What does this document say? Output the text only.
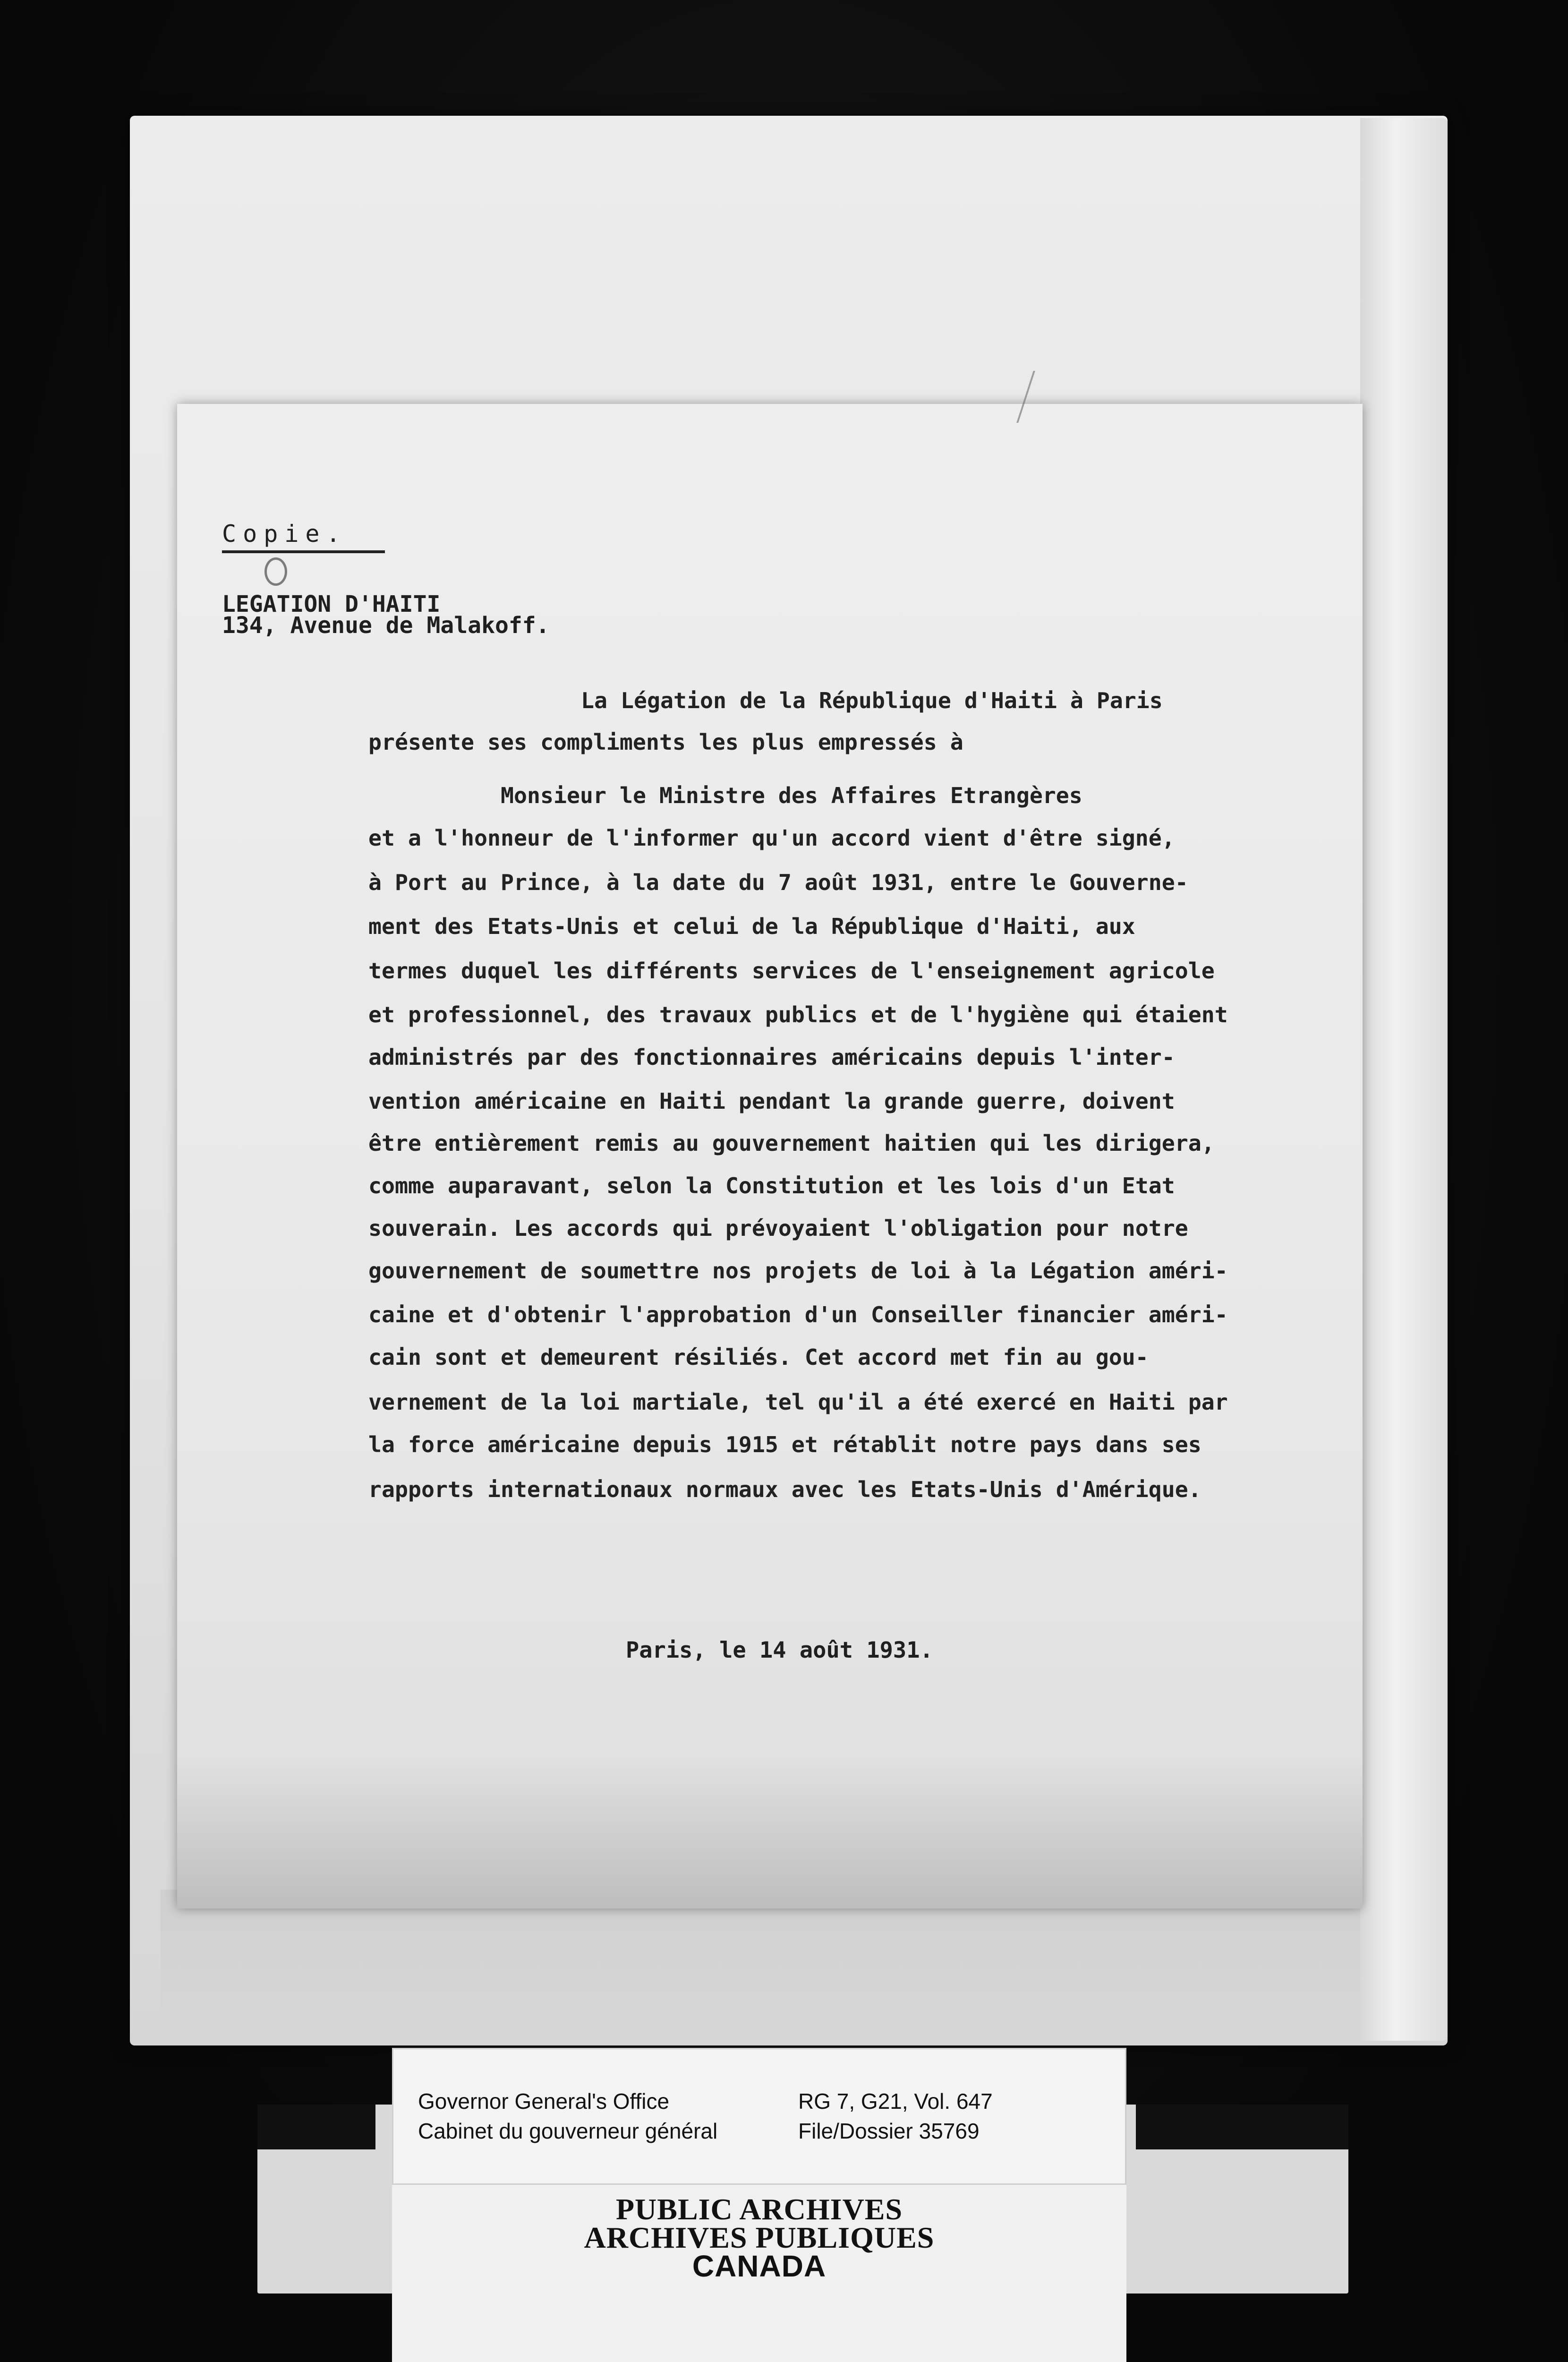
Copie.
LEGATION D'HAITI
134, Avenue de Malakoff.
La Légation de la République d'Haiti à Paris
présente ses compliments les plus empressés à
Monsieur le Ministre des Affaires Etrangères
et a l'honneur de l'informer qu'un accord vient d'être signé,
à Port au Prince, à la date du 7 août 1931, entre le Gouverne-
ment des Etats-Unis et celui de la République d'Haiti, aux
termes duquel les différents services de l'enseignement agricole
et professionnel, des travaux publics et de l'hygiène qui étaient
administrés par des fonctionnaires américains depuis l'inter-
vention américaine en Haiti pendant la grande guerre, doivent
être entièrement remis au gouvernement haitien qui les dirigera,
comme auparavant, selon la Constitution et les lois d'un Etat
souverain. Les accords qui prévoyaient l'obligation pour notre
gouvernement de soumettre nos projets de loi à la Légation améri-
caine et d'obtenir l'approbation d'un Conseiller financier améri-
cain sont et demeurent résiliés. Cet accord met fin au gou-
vernement de la loi martiale, tel qu'il a été exercé en Haiti par
la force américaine depuis 1915 et rétablit notre pays dans ses
rapports internationaux normaux avec les Etats-Unis d'Amérique.
Paris, le 14 août 1931.
Governor General's Office
Cabinet du gouverneur général
RG 7, G21, Vol. 647
File/Dossier 35769
PUBLIC ARCHIVES
ARCHIVES PUBLIQUES
CANADA
